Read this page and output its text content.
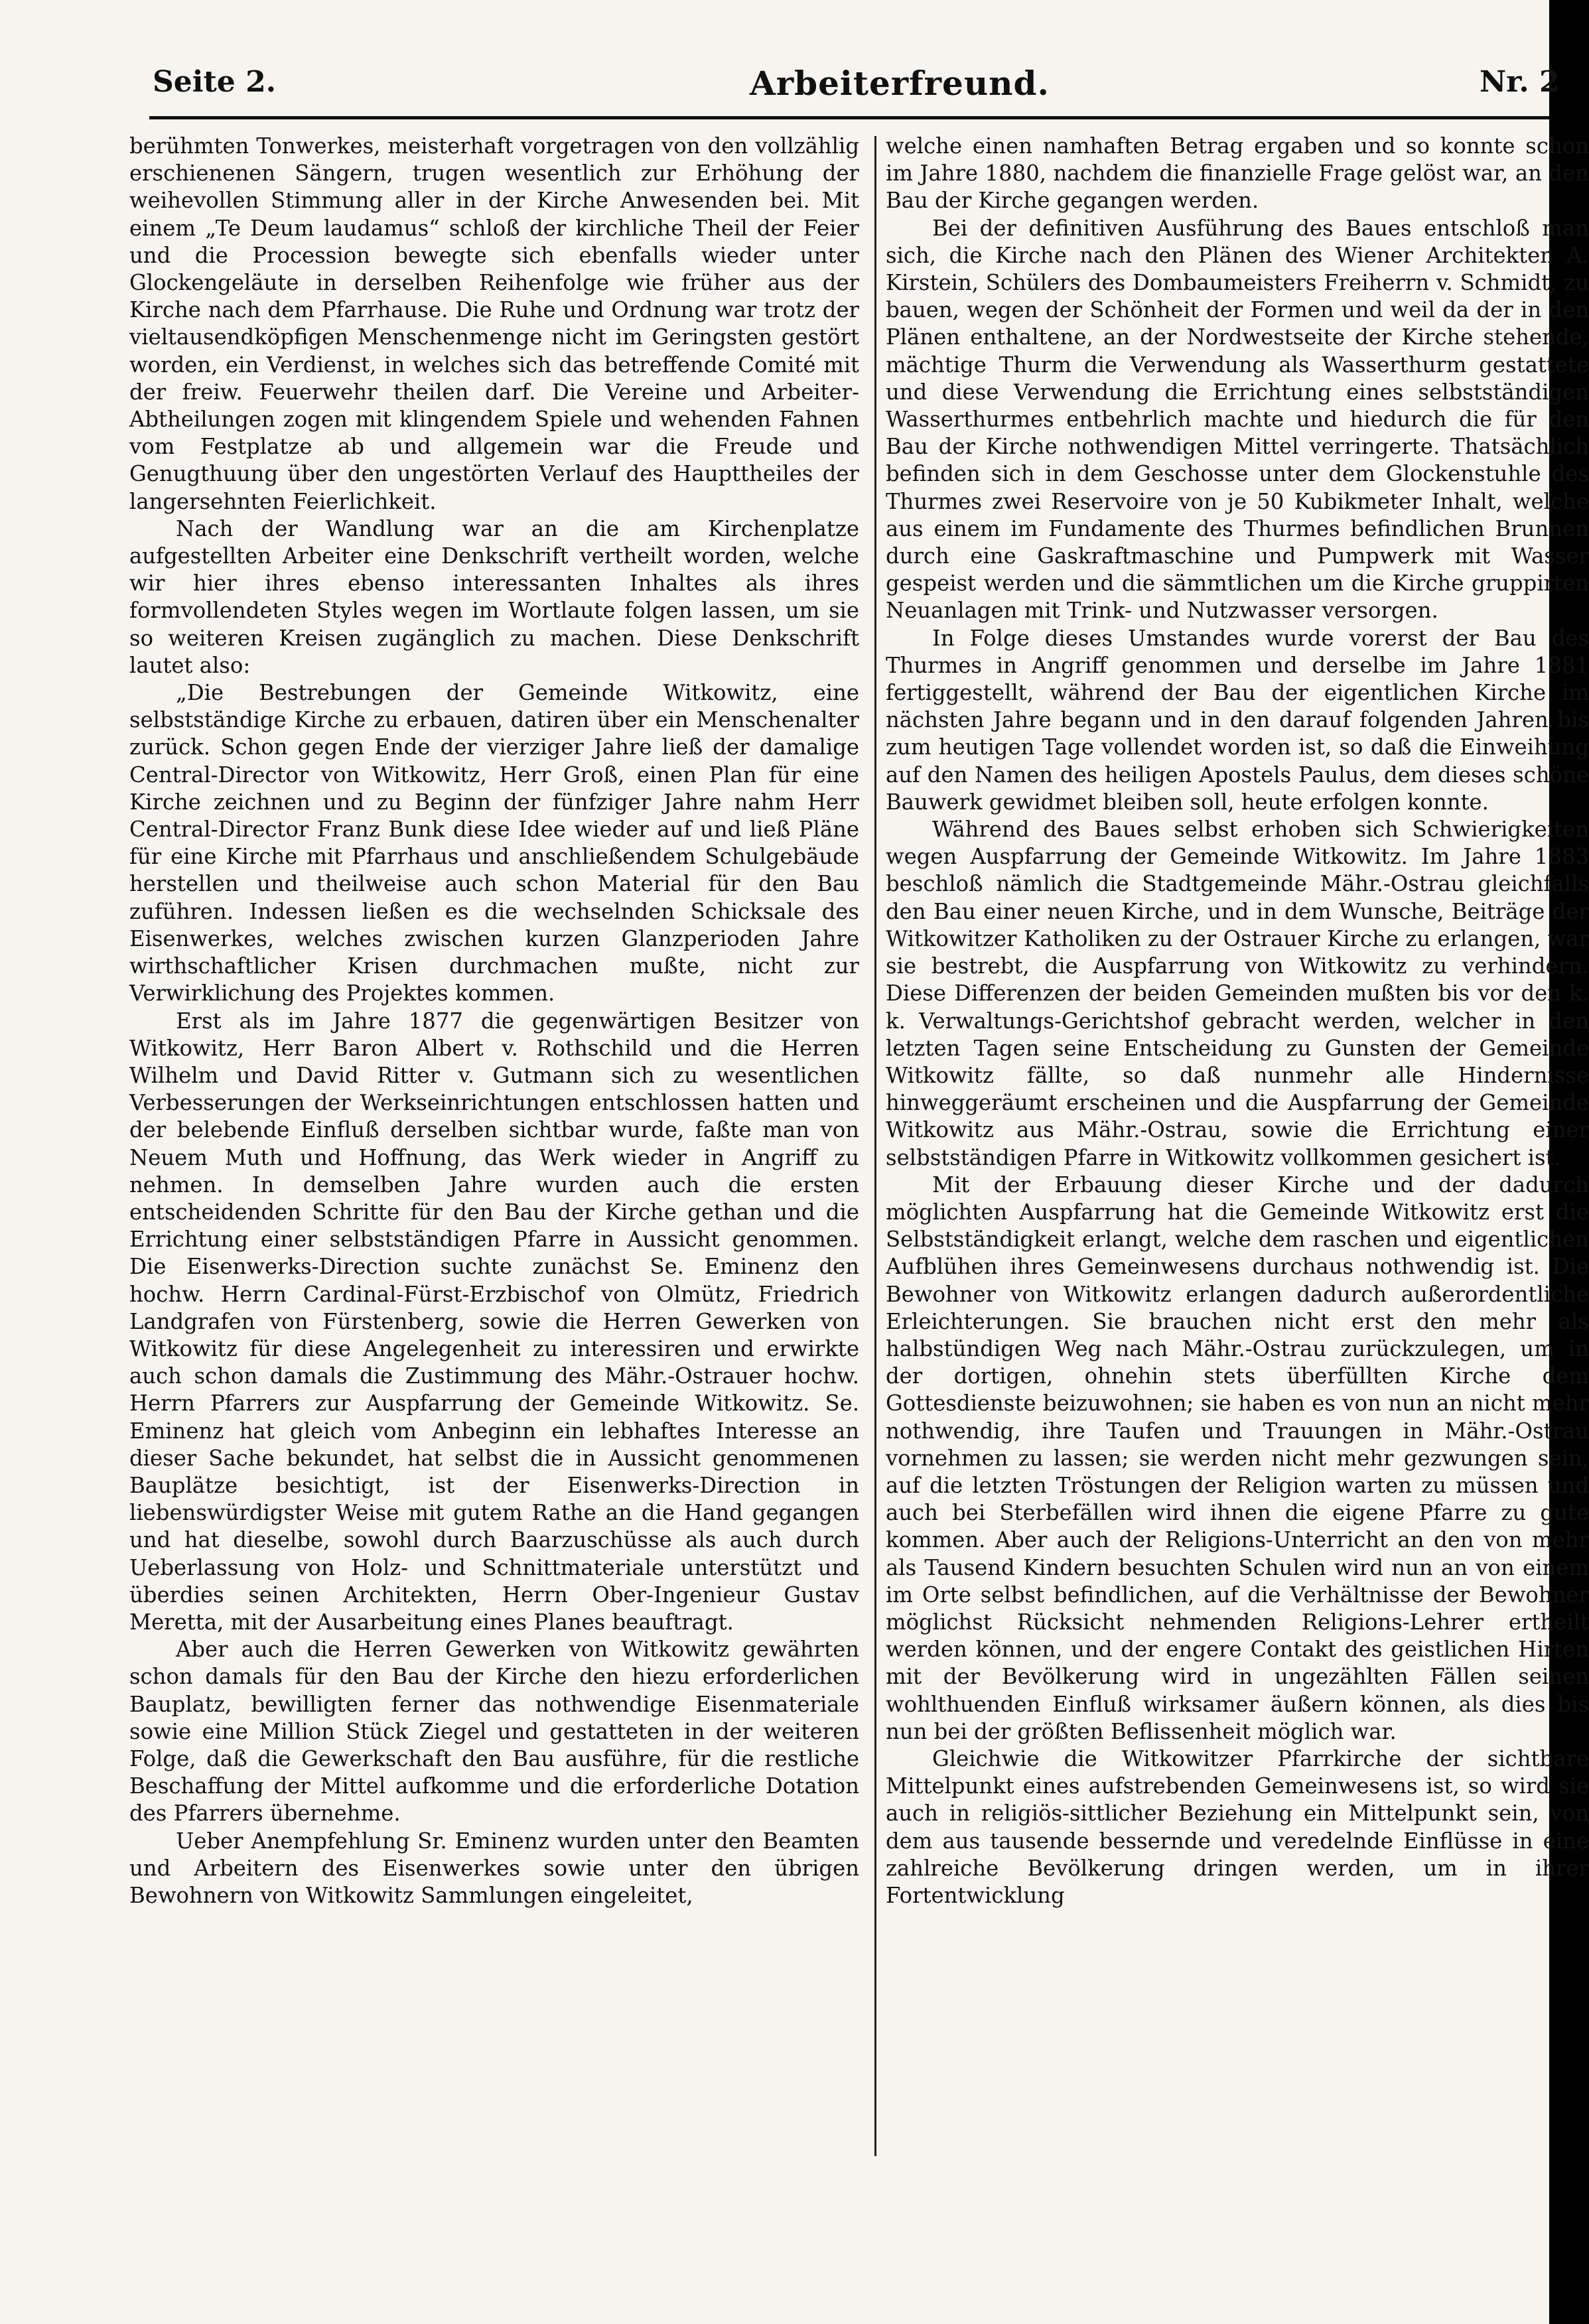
Seite 2.	Arbeiterfreund.	Nr. 2

berühmten Tonwerkes, meisterhaft vorgetragen von den vollzählig erschienenen Sängern, trugen wesentlich zur Erhöhung der weihevollen Stimmung aller in der Kirche Anwesenden bei. Mit einem „Te Deum laudamus“ schloß der kirchliche Theil der Feier und die Procession bewegte sich ebenfalls wieder unter Glockengeläute in derselben Reihenfolge wie früher aus der Kirche nach dem Pfarrhause. Die Ruhe und Ordnung war trotz der vieltausendköpfigen Menschenmenge nicht im Geringsten gestört worden, ein Verdienst, in welches sich das betreffende Comité mit der freiw. Feuerwehr theilen darf. Die Vereine und Arbeiter-Abtheilungen zogen mit klingendem Spiele und wehenden Fahnen vom Festplatze ab und allgemein war die Freude und Genugthuung über den ungestörten Verlauf des Haupttheiles der langersehnten Feierlichkeit.

Nach der Wandlung war an die am Kirchenplatze aufgestellten Arbeiter eine Denkschrift vertheilt worden, welche wir hier ihres ebenso interessanten Inhaltes als ihres formvollendeten Styles wegen im Wortlaute folgen lassen, um sie so weiteren Kreisen zugänglich zu machen. Diese Denkschrift lautet also:

„Die Bestrebungen der Gemeinde Witkowitz, eine selbstständige Kirche zu erbauen, datiren über ein Menschenalter zurück. Schon gegen Ende der vierziger Jahre ließ der damalige Central-Director von Witkowitz, Herr Groß, einen Plan für eine Kirche zeichnen und zu Beginn der fünfziger Jahre nahm Herr Central-Director Franz Bunk diese Idee wieder auf und ließ Pläne für eine Kirche mit Pfarrhaus und anschließendem Schulgebäude herstellen und theilweise auch schon Material für den Bau zuführen. Indessen ließen es die wechselnden Schicksale des Eisenwerkes, welches zwischen kurzen Glanzperioden Jahre wirthschaftlicher Krisen durchmachen mußte, nicht zur Verwirklichung des Projektes kommen.

Erst als im Jahre 1877 die gegenwärtigen Besitzer von Witkowitz, Herr Baron Albert v. Rothschild und die Herren Wilhelm und David Ritter v. Gutmann sich zu wesentlichen Verbesserungen der Werkseinrichtungen entschlossen hatten und der belebende Einfluß derselben sichtbar wurde, faßte man von Neuem Muth und Hoffnung, das Werk wieder in Angriff zu nehmen. In demselben Jahre wurden auch die ersten entscheidenden Schritte für den Bau der Kirche gethan und die Errichtung einer selbstständigen Pfarre in Aussicht genommen. Die Eisenwerks-Direction suchte zunächst Se. Eminenz den hochw. Herrn Cardinal-Fürst-Erzbischof von Olmütz, Friedrich Landgrafen von Fürstenberg, sowie die Herren Gewerken von Witkowitz für diese Angelegenheit zu interessiren und erwirkte auch schon damals die Zustimmung des Mähr.-Ostrauer hochw. Herrn Pfarrers zur Auspfarrung der Gemeinde Witkowitz. Se. Eminenz hat gleich vom Anbeginn ein lebhaftes Interesse an dieser Sache bekundet, hat selbst die in Aussicht genommenen Bauplätze besichtigt, ist der Eisenwerks-Direction in liebenswürdigster Weise mit gutem Rathe an die Hand gegangen und hat dieselbe, sowohl durch Baarzuschüsse als auch durch Ueberlassung von Holz- und Schnittmateriale unterstützt und überdies seinen Architekten, Herrn Ober-Ingenieur Gustav Meretta, mit der Ausarbeitung eines Planes beauftragt.

Aber auch die Herren Gewerken von Witkowitz gewährten schon damals für den Bau der Kirche den hiezu erforderlichen Bauplatz, bewilligten ferner das nothwendige Eisenmateriale sowie eine Million Stück Ziegel und gestatteten in der weiteren Folge, daß die Gewerkschaft den Bau ausführe, für die restliche Beschaffung der Mittel aufkomme und die erforderliche Dotation des Pfarrers übernehme.

Ueber Anempfehlung Sr. Eminenz wurden unter den Beamten und Arbeitern des Eisenwerkes sowie unter den übrigen Bewohnern von Witkowitz Sammlungen eingeleitet,

welche einen namhaften Betrag ergaben und so konnte schon im Jahre 1880, nachdem die finanzielle Frage gelöst war, an den Bau der Kirche gegangen werden.

Bei der definitiven Ausführung des Baues entschloß man sich, die Kirche nach den Plänen des Wiener Architekten A. Kirstein, Schülers des Dombaumeisters Freiherrn v. Schmidt, zu bauen, wegen der Schönheit der Formen und weil da der in den Plänen enthaltene, an der Nordwestseite der Kirche stehende, mächtige Thurm die Verwendung als Wasserthurm gestattete und diese Verwendung die Errichtung eines selbstständigen Wasserthurmes entbehrlich machte und hiedurch die für den Bau der Kirche nothwendigen Mittel verringerte. Thatsächlich befinden sich in dem Geschosse unter dem Glockenstuhle des Thurmes zwei Reservoire von je 50 Kubikmeter Inhalt, welche aus einem im Fundamente des Thurmes befindlichen Brunnen durch eine Gaskraftmaschine und Pumpwerk mit Wasser gespeist werden und die sämmtlichen um die Kirche gruppirten Neuanlagen mit Trink- und Nutzwasser versorgen.

In Folge dieses Umstandes wurde vorerst der Bau des Thurmes in Angriff genommen und derselbe im Jahre 1881 fertiggestellt, während der Bau der eigentlichen Kirche im nächsten Jahre begann und in den darauf folgenden Jahren bis zum heutigen Tage vollendet worden ist, so daß die Einweihung auf den Namen des heiligen Apostels Paulus, dem dieses schöne Bauwerk gewidmet bleiben soll, heute erfolgen konnte.

Während des Baues selbst erhoben sich Schwierigkeiten wegen Auspfarrung der Gemeinde Witkowitz. Im Jahre 1883 beschloß nämlich die Stadtgemeinde Mähr.-Ostrau gleichfalls den Bau einer neuen Kirche, und in dem Wunsche, Beiträge der Witkowitzer Katholiken zu der Ostrauer Kirche zu erlangen, war sie bestrebt, die Auspfarrung von Witkowitz zu verhindern. Diese Differenzen der beiden Gemeinden mußten bis vor den k. k. Verwaltungs-Gerichtshof gebracht werden, welcher in den letzten Tagen seine Entscheidung zu Gunsten der Gemeinde Witkowitz fällte, so daß nunmehr alle Hindernisse hinweggeräumt erscheinen und die Auspfarrung der Gemeinde Witkowitz aus Mähr.-Ostrau, sowie die Errichtung einer selbstständigen Pfarre in Witkowitz vollkommen gesichert ist.

Mit der Erbauung dieser Kirche und der dadurch möglichten Auspfarrung hat die Gemeinde Witkowitz erst die Selbstständigkeit erlangt, welche dem raschen und eigentlichen Aufblühen ihres Gemeinwesens durchaus nothwendig ist. Die Bewohner von Witkowitz erlangen dadurch außerordentliche Erleichterungen. Sie brauchen nicht erst den mehr als halbstündigen Weg nach Mähr.-Ostrau zurückzulegen, um in der dortigen, ohnehin stets überfüllten Kirche dem Gottesdienste beizuwohnen; sie haben es von nun an nicht mehr nothwendig, ihre Taufen und Trauungen in Mähr.-Ostrau vornehmen zu lassen; sie werden nicht mehr gezwungen sein, auf die letzten Tröstungen der Religion warten zu müssen und auch bei Sterbefällen wird ihnen die eigene Pfarre zu gute kommen. Aber auch der Religions-Unterricht an den von mehr als Tausend Kindern besuchten Schulen wird nun an von einem im Orte selbst befindlichen, auf die Verhältnisse der Bewohner möglichst Rücksicht nehmenden Religions-Lehrer ertheilt werden können, und der engere Contakt des geistlichen Hirten mit der Bevölkerung wird in ungezählten Fällen seinen wohlthuenden Einfluß wirksamer äußern können, als dies bis nun bei der größten Beflissenheit möglich war.

Gleichwie die Witkowitzer Pfarrkirche der sichtbare Mittelpunkt eines aufstrebenden Gemeinwesens ist, so wird sie auch in religiös-sittlicher Beziehung ein Mittelpunkt sein, von dem aus tausende bessernde und veredelnde Einflüsse in eine zahlreiche Bevölkerung dringen werden, um in ihrer Fortentwicklung
